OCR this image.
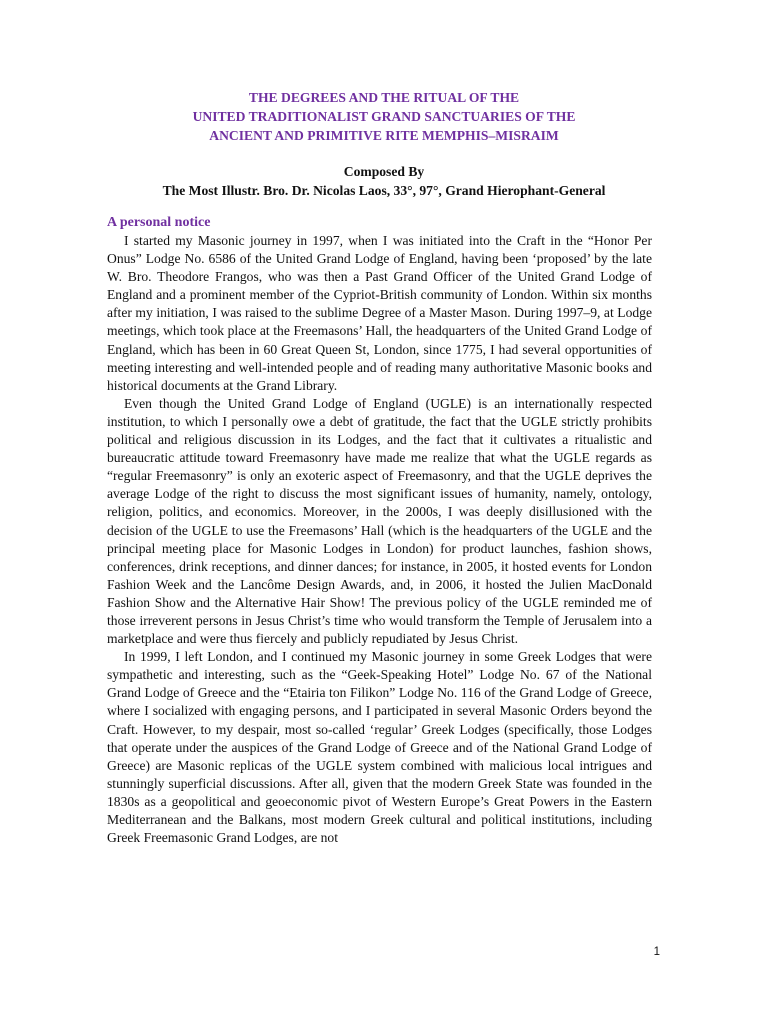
THE DEGREES AND THE RITUAL OF THE
UNITED TRADITIONALIST GRAND SANCTUARIES OF THE
ANCIENT AND PRIMITIVE RITE MEMPHIS–MISRAIM
Composed By
The Most Illustr. Bro. Dr. Nicolas Laos, 33°, 97°, Grand Hierophant-General
A personal notice

I started my Masonic journey in 1997, when I was initiated into the Craft in the “Honor Per Onus” Lodge No. 6586 of the United Grand Lodge of England, having been ‘proposed’ by the late W. Bro. Theodore Frangos, who was then a Past Grand Officer of the United Grand Lodge of England and a prominent member of the Cypriot-British community of London. Within six months after my initiation, I was raised to the sublime Degree of a Master Mason. During 1997–9, at Lodge meetings, which took place at the Freemasons’ Hall, the headquarters of the United Grand Lodge of England, which has been in 60 Great Queen St, London, since 1775, I had several opportunities of meeting interesting and well-intended people and of reading many authoritative Masonic books and historical documents at the Grand Library.

Even though the United Grand Lodge of England (UGLE) is an internationally respected institution, to which I personally owe a debt of gratitude, the fact that the UGLE strictly prohibits political and religious discussion in its Lodges, and the fact that it cultivates a ritualistic and bureaucratic attitude toward Freemasonry have made me realize that what the UGLE regards as “regular Freemasonry” is only an exoteric aspect of Freemasonry, and that the UGLE deprives the average Lodge of the right to discuss the most significant issues of humanity, namely, ontology, religion, politics, and economics. Moreover, in the 2000s, I was deeply disillusioned with the decision of the UGLE to use the Freemasons’ Hall (which is the headquarters of the UGLE and the principal meeting place for Masonic Lodges in London) for product launches, fashion shows, conferences, drink receptions, and dinner dances; for instance, in 2005, it hosted events for London Fashion Week and the Lancôme Design Awards, and, in 2006, it hosted the Julien MacDonald Fashion Show and the Alternative Hair Show! The previous policy of the UGLE reminded me of those irreverent persons in Jesus Christ’s time who would transform the Temple of Jerusalem into a marketplace and were thus fiercely and publicly repudiated by Jesus Christ.

In 1999, I left London, and I continued my Masonic journey in some Greek Lodges that were sympathetic and interesting, such as the “Geek-Speaking Hotel” Lodge No. 67 of the National Grand Lodge of Greece and the “Etairia ton Filikon” Lodge No. 116 of the Grand Lodge of Greece, where I socialized with engaging persons, and I participated in several Masonic Orders beyond the Craft. However, to my despair, most so-called ‘regular’ Greek Lodges (specifically, those Lodges that operate under the auspices of the Grand Lodge of Greece and of the National Grand Lodge of Greece) are Masonic replicas of the UGLE system combined with malicious local intrigues and stunningly superficial discussions. After all, given that the modern Greek State was founded in the 1830s as a geopolitical and geoeconomic pivot of Western Europe’s Great Powers in the Eastern Mediterranean and the Balkans, most modern Greek cultural and political institutions, including Greek Freemasonic Grand Lodges, are not

1
